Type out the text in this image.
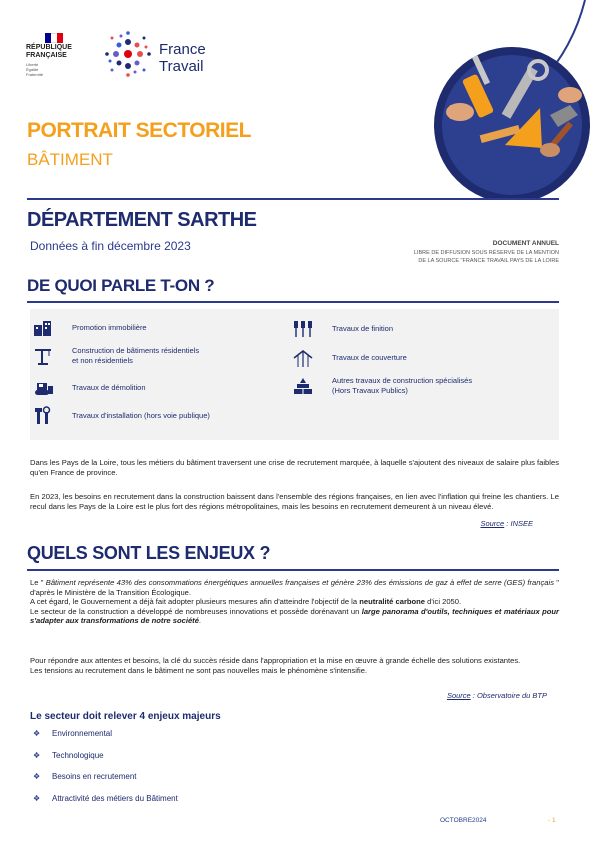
RÉPUBLIQUE
FRANÇAISE
Liberté
Égalité
Fraternité
France
Travail
PORTRAIT SECTORIEL
BÂTIMENT
DÉPARTEMENT SARTHE
Données à fin décembre 2023	DOCUMENT ANNUEL
LIBRE DE DIFFUSION SOUS RÉSERVE DE LA MENTION
DE LA SOURCE "FRANCE TRAVAIL PAYS DE LA LOIRE
DE QUOI PARLE T-ON ?
Promotion immobilière
Construction de bâtiments résidentiels
et non résidentiels
Travaux de démolition
Travaux d'installation (hors voie publique)
Travaux de finition
Travaux de couverture
Autres travaux de construction spécialisés
(Hors Travaux Publics)
Dans les Pays de la Loire, tous les métiers du bâtiment traversent une crise de recrutement marquée, à laquelle s'ajoutent des niveaux de salaire plus faibles qu'en France de province.
En 2023, les besoins en recrutement dans la construction baissent dans l'ensemble des régions françaises, en lien avec l'inflation qui freine les chantiers. Le recul dans les Pays de la Loire est le plus fort des régions métropolitaines, mais les besoins en recrutement demeurent à un niveau élevé.
Source : INSEE
QUELS SONT LES ENJEUX ?
Le " Bâtiment représente 43% des consommations énergétiques annuelles françaises et génère 23% des émissions de gaz à effet de serre (GES) français " d'après le Ministère de la Transition Écologique.
A cet égard, le Gouvernement a déjà fait adopter plusieurs mesures afin d'atteindre l'objectif de la neutralité carbone d'ici 2050.
Le secteur de la construction a développé de nombreuses innovations et possède dorénavant un large panorama d'outils, techniques et matériaux pour s'adapter aux transformations de notre société.
Pour répondre aux attentes et besoins, la clé du succès réside dans l'appropriation et la mise en œuvre à grande échelle des solutions existantes.
Les tensions au recrutement dans le bâtiment ne sont pas nouvelles mais le phénomène s'intensifie.
Source : Observatoire du BTP
Le secteur doit relever 4 enjeux majeurs
❖	Environnemental
❖	Technologique
❖	Besoins en recrutement
❖	Attractivité des métiers du Bâtiment
OCTOBRE2024	- 1
